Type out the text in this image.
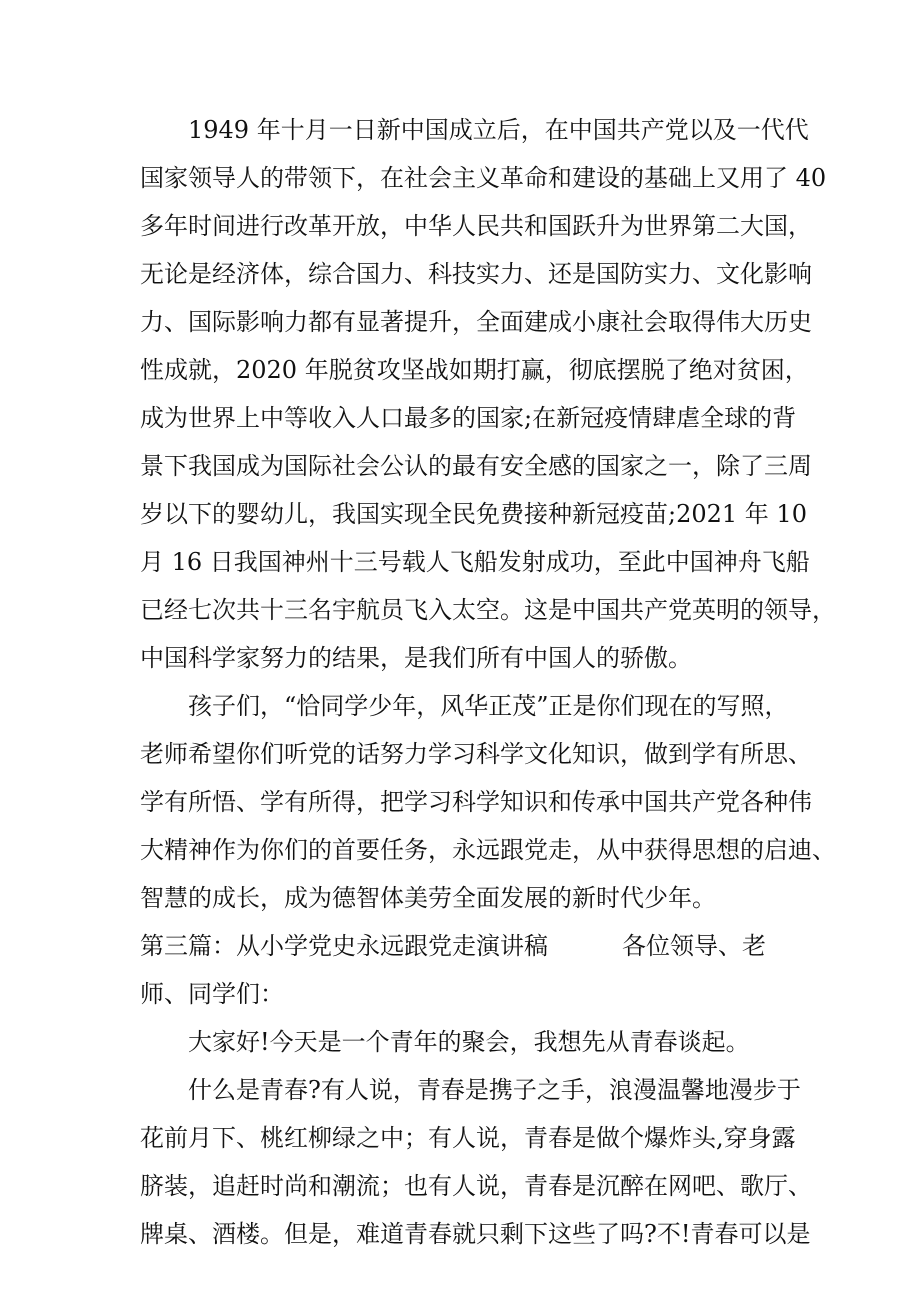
1949 年十月一日新中国成立后，在中国共产党以及一代代
国家领导人的带领下，在社会主义革命和建设的基础上又用了 40
多年时间进行改革开放，中华人民共和国跃升为世界第二大国，
无论是经济体，综合国力、科技实力、还是国防实力、文化影响
力、国际影响力都有显著提升，全面建成小康社会取得伟大历史
性成就，2020 年脱贫攻坚战如期打赢，彻底摆脱了绝对贫困，
成为世界上中等收入人口最多的国家;在新冠疫情肆虐全球的背
景下我国成为国际社会公认的最有安全感的国家之一，除了三周
岁以下的婴幼儿，我国实现全民免费接种新冠疫苗;2021 年 10
月 16 日我国神州十三号载人飞船发射成功，至此中国神舟飞船
已经七次共十三名宇航员飞入太空。这是中国共产党英明的领导，
中国科学家努力的结果，是我们所有中国人的骄傲。
孩子们，“恰同学少年，风华正茂”正是你们现在的写照，
老师希望你们听党的话努力学习科学文化知识，做到学有所思、
学有所悟、学有所得，把学习科学知识和传承中国共产党各种伟
大精神作为你们的首要任务，永远跟党走，从中获得思想的启迪、
智慧的成长，成为德智体美劳全面发展的新时代少年。
第三篇：从小学党史永远跟党走演讲稿	各位领导、老
师、同学们：
大家好!今天是一个青年的聚会，我想先从青春谈起。
什么是青春?有人说，青春是携子之手，浪漫温馨地漫步于
花前月下、桃红柳绿之中；有人说，青春是做个爆炸头,穿身露
脐装，追赶时尚和潮流；也有人说，青春是沉醉在网吧、歌厅、
牌桌、酒楼。但是，难道青春就只剩下这些了吗?不!青春可以是
